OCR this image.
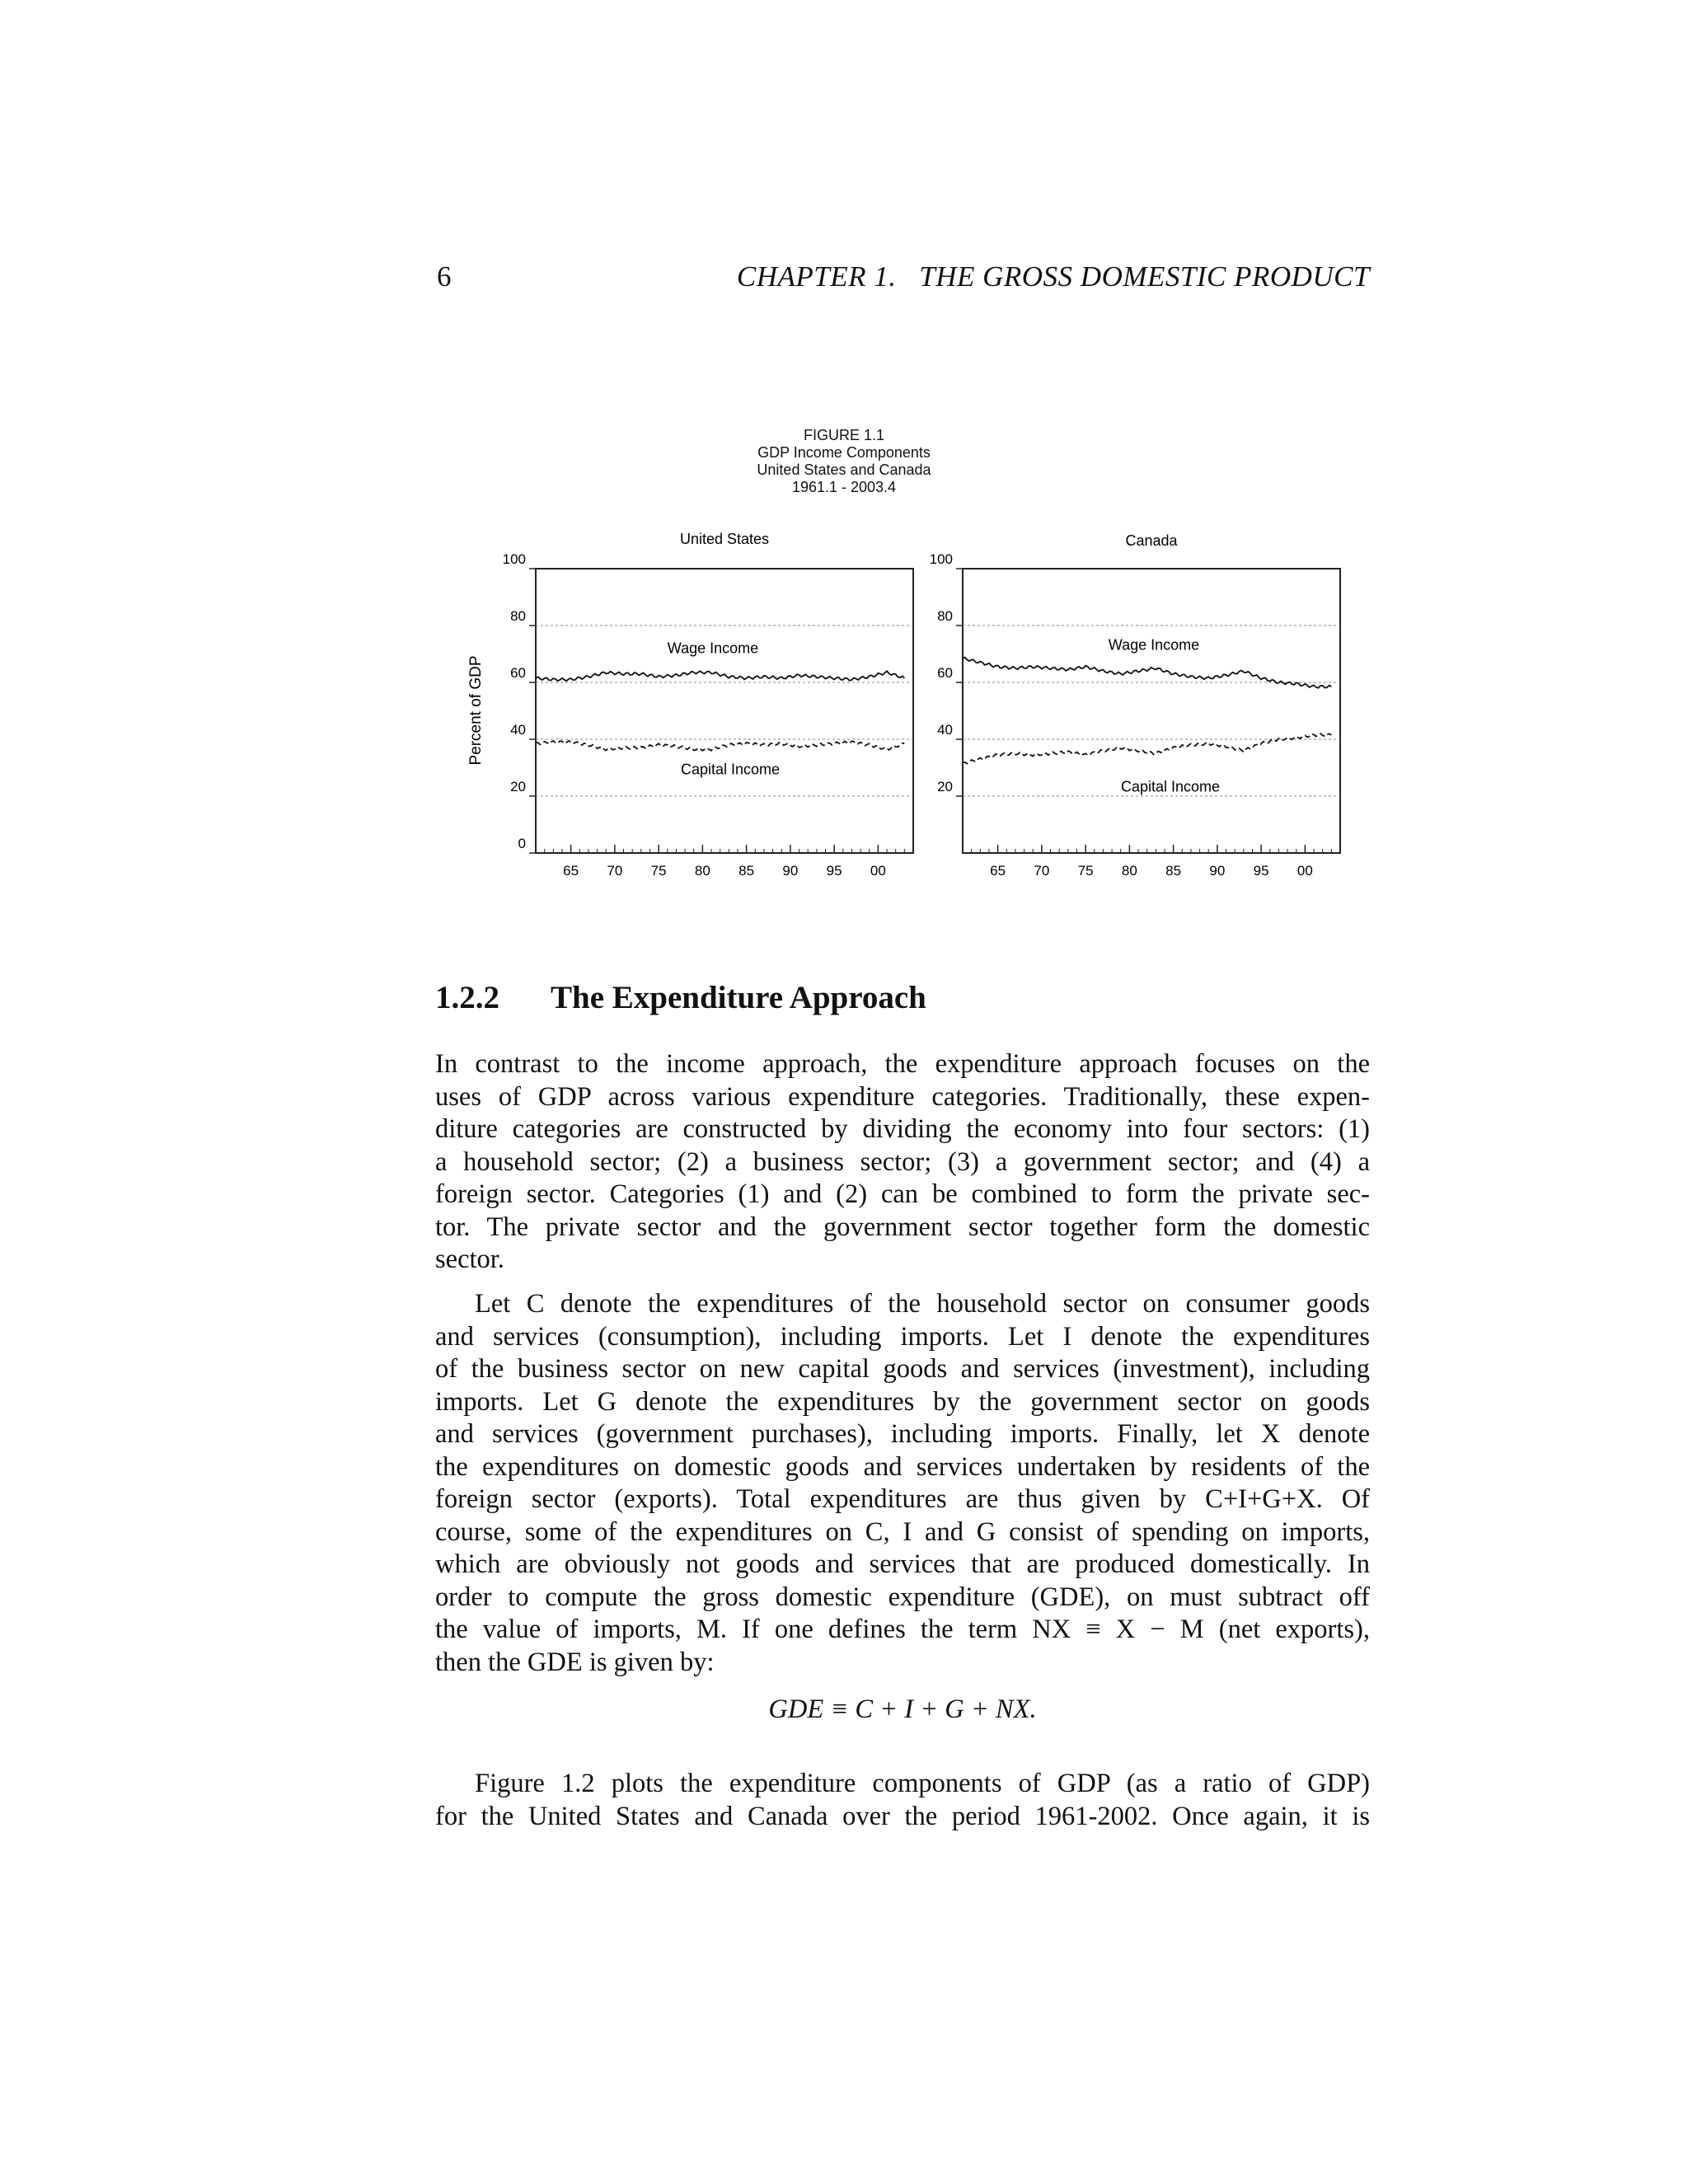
6	CHAPTER 1.   THE GROSS DOMESTIC PRODUCT
FIGURE 1.1
GDP Income Components
United States and Canada
1961.1 - 2003.4
Percent of GDP
United States
0
20
40
60
80
100
65 70 75 80 85 90 95 00
Wage Income
Capital Income
Canada
20
40
60
80
100
65 70 75 80 85 90 95 00
Wage Income
Capital Income
1.2.2 The Expenditure Approach
In contrast to the income approach, the expenditure approach focuses on the
uses of GDP across various expenditure categories. Traditionally, these expen-
diture categories are constructed by dividing the economy into four sectors: (1)
a household sector; (2) a business sector; (3) a government sector; and (4) a
foreign sector. Categories (1) and (2) can be combined to form the private sec-
tor. The private sector and the government sector together form the domestic
sector.
Let C denote the expenditures of the household sector on consumer goods
and services (consumption), including imports. Let I denote the expenditures
of the business sector on new capital goods and services (investment), including
imports. Let G denote the expenditures by the government sector on goods
and services (government purchases), including imports. Finally, let X denote
the expenditures on domestic goods and services undertaken by residents of the
foreign sector (exports). Total expenditures are thus given by C+I+G+X. Of
course, some of the expenditures on C, I and G consist of spending on imports,
which are obviously not goods and services that are produced domestically. In
order to compute the gross domestic expenditure (GDE), on must subtract off
the value of imports, M. If one defines the term NX ≡ X − M (net exports),
then the GDE is given by:
GDE ≡ C + I + G + NX.
Figure 1.2 plots the expenditure components of GDP (as a ratio of GDP)
for the United States and Canada over the period 1961-2002. Once again, it is
